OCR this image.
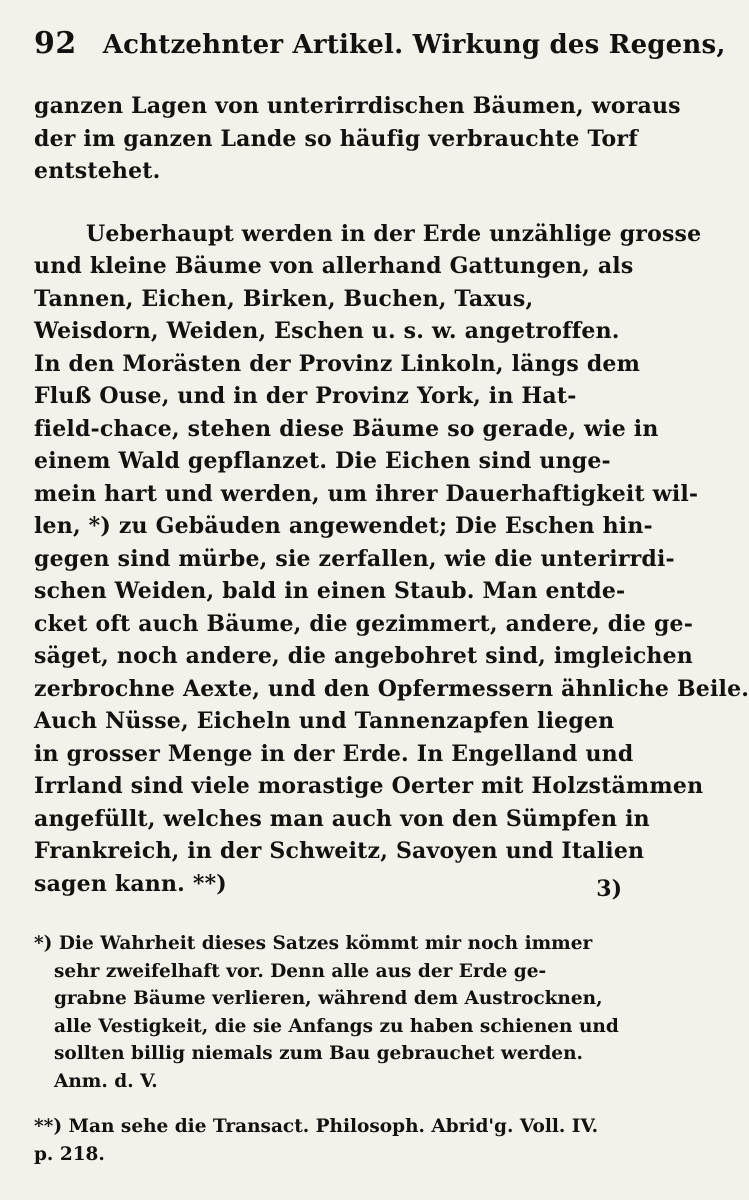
92 Achtzehnter Artikel. Wirkung des Regens,
ganzen Lagen von unterirrdischen Bäumen, woraus
der im ganzen Lande so häufig verbrauchte Torf
entstehet.
Ueberhaupt werden in der Erde unzählige grosse
und kleine Bäume von allerhand Gattungen, als
Tannen, Eichen, Birken, Buchen, Taxus,
Weisdorn, Weiden, Eschen u. s. w. angetroffen.
In den Morästen der Provinz Linkoln, längs dem
Fluß Ouse, und in der Provinz York, in Hat-
field-chace, stehen diese Bäume so gerade, wie in
einem Wald gepflanzet. Die Eichen sind unge-
mein hart und werden, um ihrer Dauerhaftigkeit wil-
len, *) zu Gebäuden angewendet; Die Eschen hin-
gegen sind mürbe, sie zerfallen, wie die unterirrdi-
schen Weiden, bald in einen Staub. Man entde-
cket oft auch Bäume, die gezimmert, andere, die ge-
säget, noch andere, die angebohret sind, imgleichen
zerbrochne Aexte, und den Opfermessern ähnliche Beile.
Auch Nüsse, Eicheln und Tannenzapfen liegen
in grosser Menge in der Erde. In Engelland und
Irrland sind viele morastige Oerter mit Holzstämmen
angefüllt, welches man auch von den Sümpfen in
Frankreich, in der Schweitz, Savoyen und Italien
sagen kann. **)	3)
*) Die Wahrheit dieses Satzes kömmt mir noch immer
sehr zweifelhaft vor. Denn alle aus der Erde ge-
grabne Bäume verlieren, während dem Austrocknen,
alle Vestigkeit, die sie Anfangs zu haben schienen und
sollten billig niemals zum Bau gebrauchet werden.
Anm. d. V.
**) Man sehe die Transact. Philosoph. Abrid'g. Voll. IV.
p. 218.
